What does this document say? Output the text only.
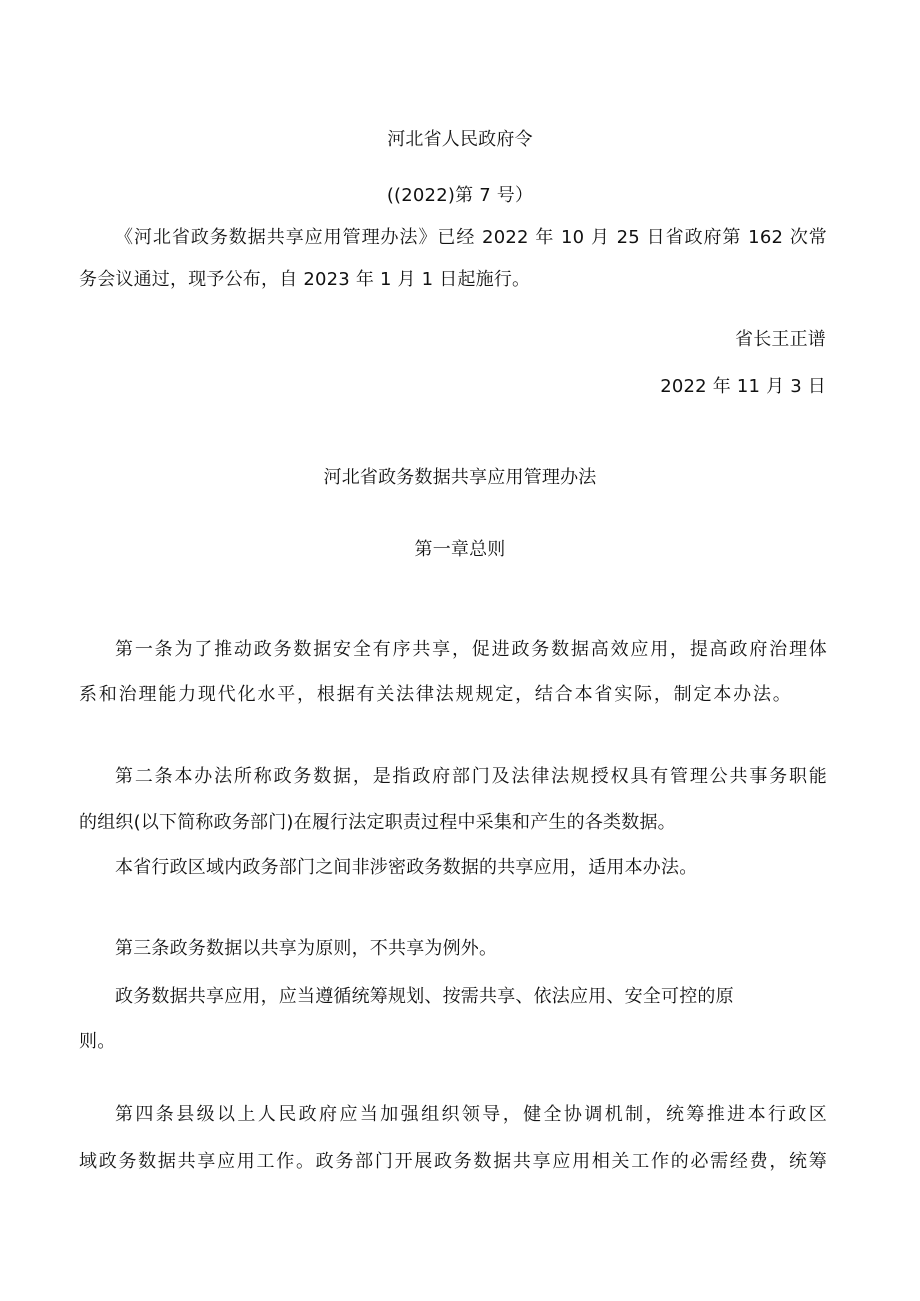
河北省人民政府令
((2022)第 7 号）
《河北省政务数据共享应用管理办法》已经 2022 年 10 月 25 日省政府第 162 次常
务会议通过，现予公布，自 2023 年 1 月 1 日起施行。
省长王正谱
2022 年 11 月 3 日
河北省政务数据共享应用管理办法
第一章总则
第一条为了推动政务数据安全有序共享，促进政务数据高效应用，提高政府治理体
系和治理能力现代化水平，根据有关法律法规规定，结合本省实际，制定本办法。
第二条本办法所称政务数据，是指政府部门及法律法规授权具有管理公共事务职能
的组织(以下简称政务部门)在履行法定职责过程中采集和产生的各类数据。
本省行政区域内政务部门之间非涉密政务数据的共享应用，适用本办法。
第三条政务数据以共享为原则，不共享为例外。
政务数据共享应用，应当遵循统筹规划、按需共享、依法应用、安全可控的原
则。
第四条县级以上人民政府应当加强组织领导，健全协调机制，统筹推进本行政区
域政务数据共享应用工作。政务部门开展政务数据共享应用相关工作的必需经费，统筹
